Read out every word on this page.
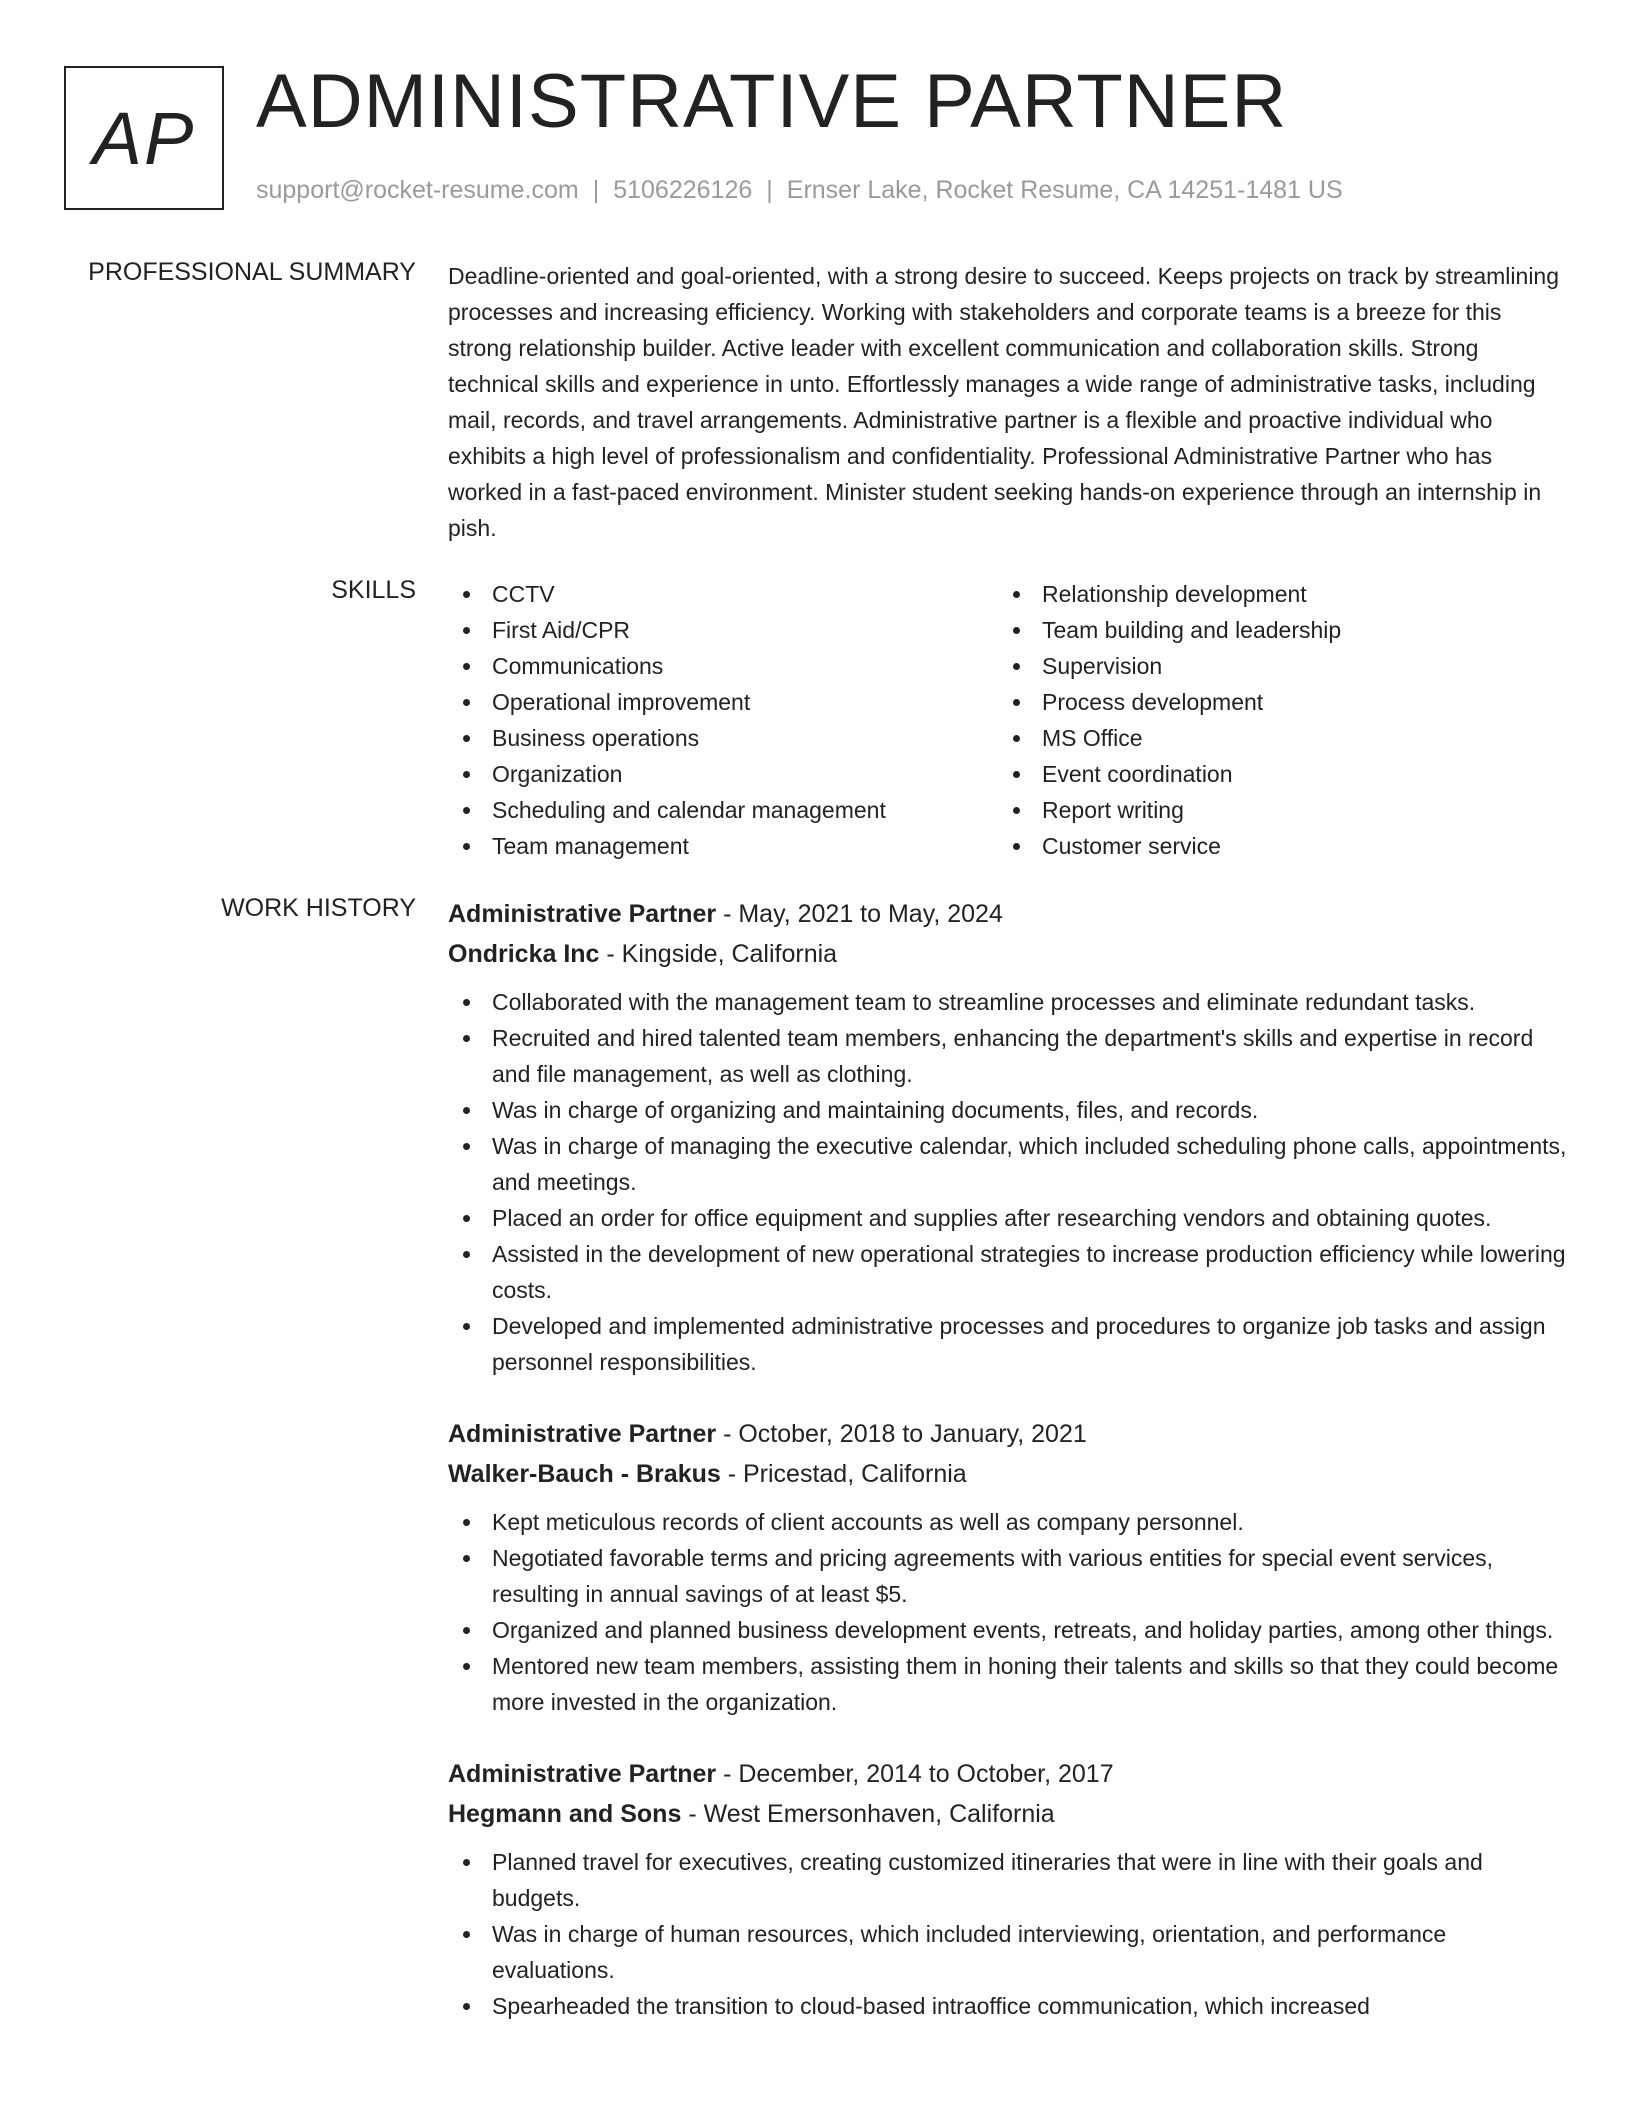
AP ADMINISTRATIVE PARTNER
support@rocket-resume.com | 5106226126 | Ernser Lake, Rocket Resume, CA 14251-1481 US
PROFESSIONAL SUMMARY Deadline-oriented and goal-oriented, with a strong desire to succeed. Keeps projects on track by streamlining processes and increasing efficiency. Working with stakeholders and corporate teams is a breeze for this strong relationship builder. Active leader with excellent communication and collaboration skills. Strong technical skills and experience in unto. Effortlessly manages a wide range of administrative tasks, including mail, records, and travel arrangements. Administrative partner is a flexible and proactive individual who exhibits a high level of professionalism and confidentiality. Professional Administrative Partner who has worked in a fast-paced environment. Minister student seeking hands-on experience through an internship in pish.
SKILLS	CCTV
First Aid/CPR
Communications
Operational improvement
Business operations
Organization
Scheduling and calendar management
Team management
Relationship development
Team building and leadership
Supervision
Process development
MS Office
Event coordination
Report writing
Customer service
WORK HISTORY Administrative Partner - May, 2021 to May, 2024
Ondricka Inc - Kingside, California
Collaborated with the management team to streamline processes and eliminate redundant tasks.
Recruited and hired talented team members, enhancing the department's skills and expertise in record and file management, as well as clothing.
Was in charge of organizing and maintaining documents, files, and records.
Was in charge of managing the executive calendar, which included scheduling phone calls, appointments, and meetings.
Placed an order for office equipment and supplies after researching vendors and obtaining quotes.
Assisted in the development of new operational strategies to increase production efficiency while lowering costs.
Developed and implemented administrative processes and procedures to organize job tasks and assign personnel responsibilities.
Administrative Partner - October, 2018 to January, 2021
Walker-Bauch - Brakus - Pricestad, California
Kept meticulous records of client accounts as well as company personnel.
Negotiated favorable terms and pricing agreements with various entities for special event services, resulting in annual savings of at least $5.
Organized and planned business development events, retreats, and holiday parties, among other things.
Mentored new team members, assisting them in honing their talents and skills so that they could become more invested in the organization.
Administrative Partner - December, 2014 to October, 2017
Hegmann and Sons - West Emersonhaven, California
Planned travel for executives, creating customized itineraries that were in line with their goals and budgets.
Was in charge of human resources, which included interviewing, orientation, and performance evaluations.
Spearheaded the transition to cloud-based intraoffice communication, which increased
